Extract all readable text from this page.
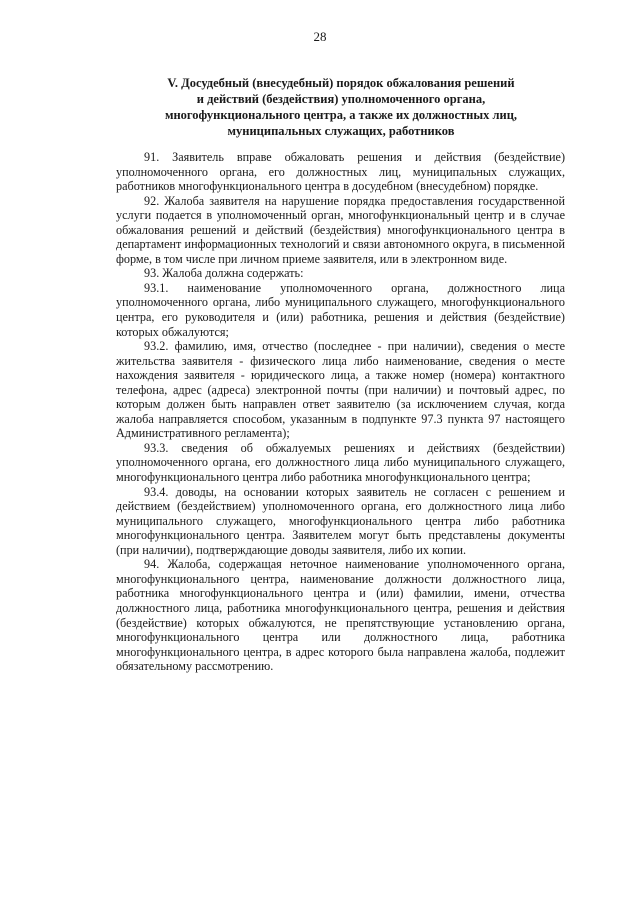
28
V. Досудебный (внесудебный) порядок обжалования решений
и действий (бездействия) уполномоченного органа,
многофункционального центра, а также их должностных лиц,
муниципальных служащих, работников

91. Заявитель вправе обжаловать решения и действия (бездействие) уполномоченного органа, его должностных лиц, муниципальных служащих, работников многофункционального центра в досудебном (внесудебном) порядке.

92. Жалоба заявителя на нарушение порядка предоставления государственной услуги подается в уполномоченный орган, многофункциональный центр и в случае обжалования решений и действий (бездействия) многофункционального центра в департамент информационных технологий и связи автономного округа, в письменной форме, в том числе при личном приеме заявителя, или в электронном виде.

93. Жалоба должна содержать:

93.1. наименование уполномоченного органа, должностного лица уполномоченного органа, либо муниципального служащего, многофункционального центра, его руководителя и (или) работника, решения и действия (бездействие) которых обжалуются;

93.2. фамилию, имя, отчество (последнее - при наличии), сведения о месте жительства заявителя - физического лица либо наименование, сведения о месте нахождения заявителя - юридического лица, а также номер (номера) контактного телефона, адрес (адреса) электронной почты (при наличии) и почтовый адрес, по которым должен быть направлен ответ заявителю (за исключением случая, когда жалоба направляется способом, указанным в подпункте 97.3 пункта 97 настоящего Административного регламента);

93.3. сведения об обжалуемых решениях и действиях (бездействии) уполномоченного органа, его должностного лица либо муниципального служащего, многофункционального центра либо работника многофункционального центра;

93.4. доводы, на основании которых заявитель не согласен с решением и действием (бездействием) уполномоченного органа, его должностного лица либо муниципального служащего, многофункционального центра либо работника многофункционального центра. Заявителем могут быть представлены документы (при наличии), подтверждающие доводы заявителя, либо их копии.

94. Жалоба, содержащая неточное наименование уполномоченного органа, многофункционального центра, наименование должности должностного лица, работника многофункционального центра и (или) фамилии, имени, отчества должностного лица, работника многофункционального центра, решения и действия (бездействие) которых обжалуются, не препятствующие установлению органа, многофункционального центра или должностного лица, работника многофункционального центра, в адрес которого была направлена жалоба, подлежит обязательному рассмотрению.
